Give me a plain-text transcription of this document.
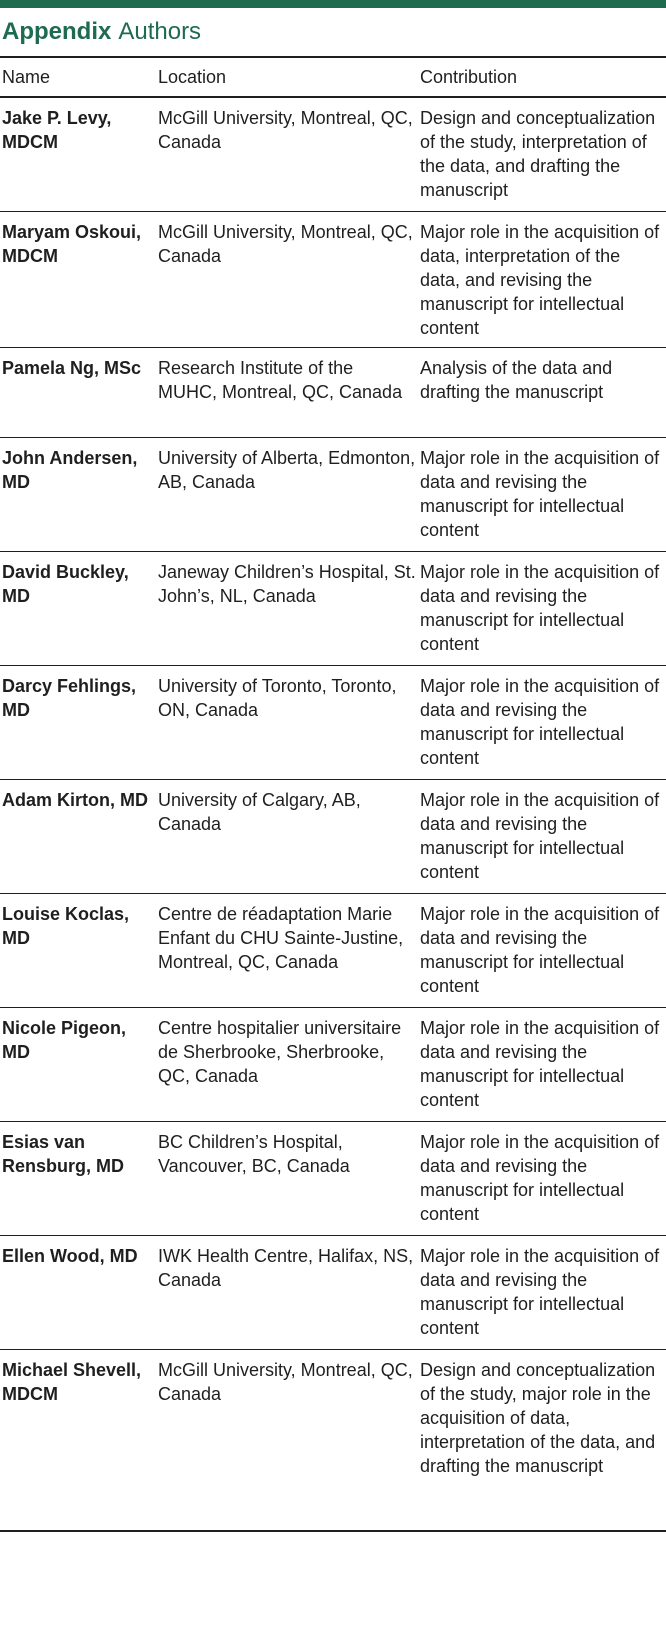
Appendix Authors
Name	Location	Contribution
Jake P. Levy, MDCM	McGill University, Montreal, QC, Canada	Design and conceptualization of the study, interpretation of the data, and drafting the manuscript
Maryam Oskoui, MDCM	McGill University, Montreal, QC, Canada	Major role in the acquisition of data, interpretation of the data, and revising the manuscript for intellectual content
Pamela Ng, MSc	Research Institute of the MUHC, Montreal, QC, Canada	Analysis of the data and drafting the manuscript
John Andersen, MD	University of Alberta, Edmonton, AB, Canada	Major role in the acquisition of data and revising the manuscript for intellectual content
David Buckley, MD	Janeway Children’s Hospital, St. John’s, NL, Canada	Major role in the acquisition of data and revising the manuscript for intellectual content
Darcy Fehlings, MD	University of Toronto, Toronto, ON, Canada	Major role in the acquisition of data and revising the manuscript for intellectual content
Adam Kirton, MD	University of Calgary, AB, Canada	Major role in the acquisition of data and revising the manuscript for intellectual content
Louise Koclas, MD	Centre de réadaptation Marie Enfant du CHU Sainte-Justine, Montreal, QC, Canada	Major role in the acquisition of data and revising the manuscript for intellectual content
Nicole Pigeon, MD	Centre hospitalier universitaire de Sherbrooke, Sherbrooke, QC, Canada	Major role in the acquisition of data and revising the manuscript for intellectual content
Esias van Rensburg, MD	BC Children’s Hospital, Vancouver, BC, Canada	Major role in the acquisition of data and revising the manuscript for intellectual content
Ellen Wood, MD	IWK Health Centre, Halifax, NS, Canada	Major role in the acquisition of data and revising the manuscript for intellectual content
Michael Shevell, MDCM	McGill University, Montreal, QC, Canada	Design and conceptualization of the study, major role in the acquisition of data, interpretation of the data, and drafting the manuscript
